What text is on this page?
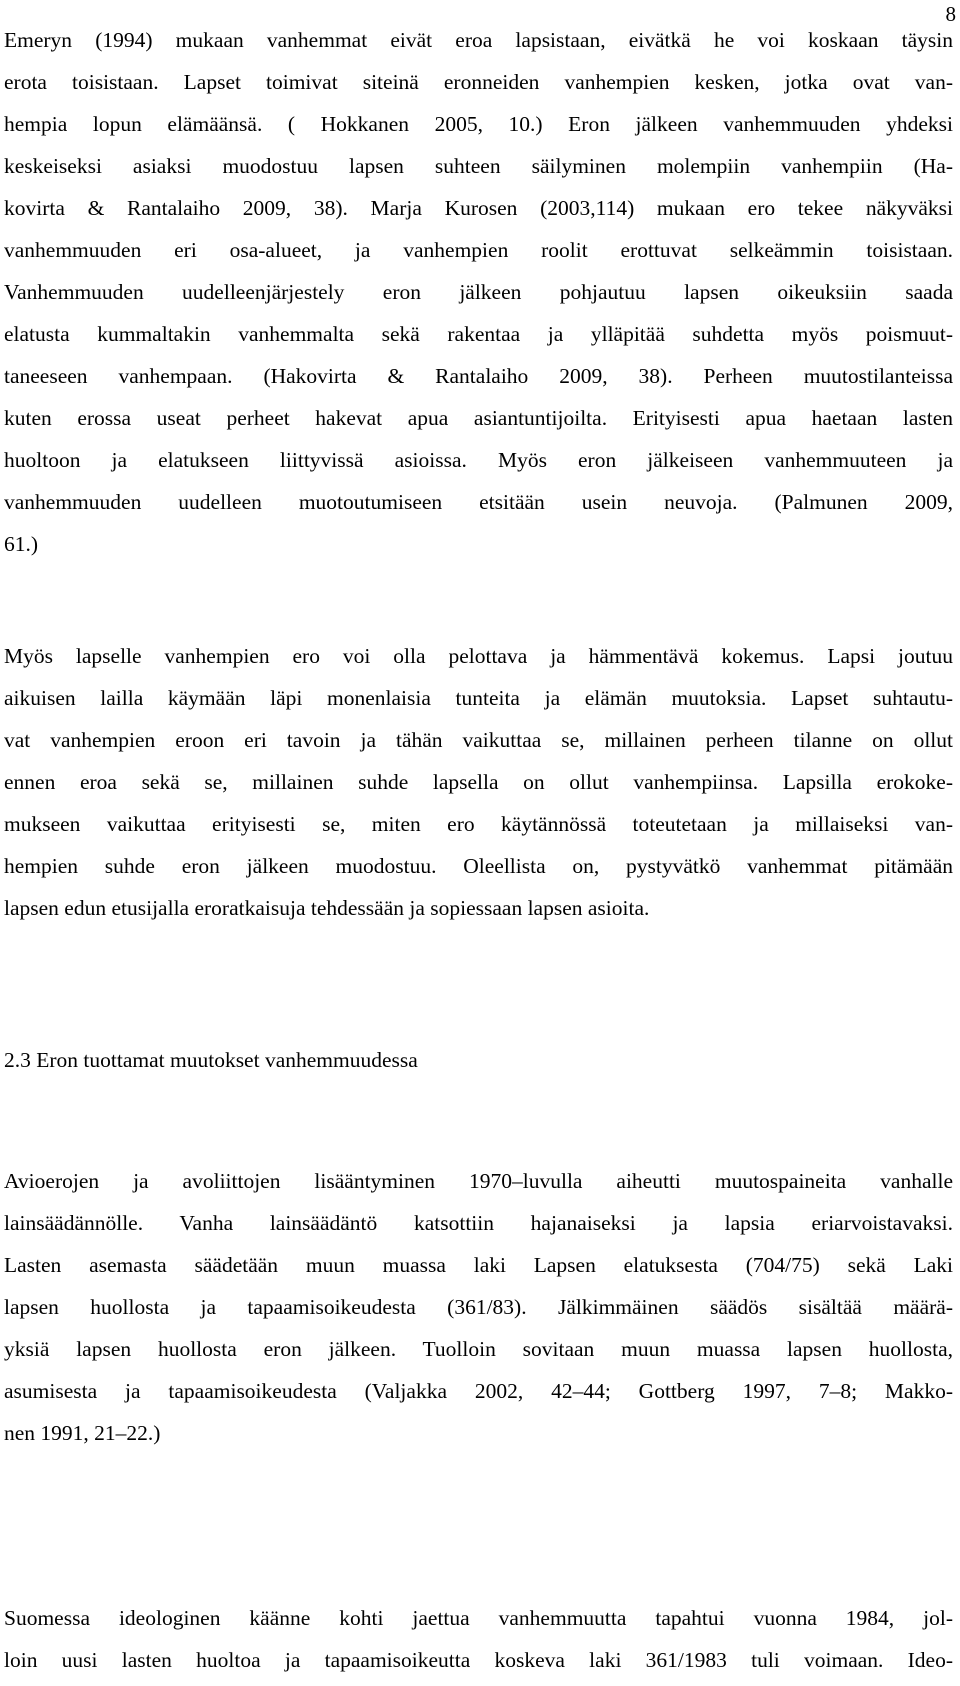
8
Emeryn (1994) mukaan vanhemmat eivät eroa lapsistaan, eivätkä he voi koskaan täysin
erota toisistaan. Lapset toimivat siteinä eronneiden vanhempien kesken, jotka ovat van-
hempia lopun elämäänsä. ( Hokkanen 2005, 10.) Eron jälkeen vanhemmuuden yhdeksi
keskeiseksi asiaksi muodostuu lapsen suhteen säilyminen molempiin vanhempiin (Ha-
kovirta & Rantalaiho 2009, 38). Marja Kurosen (2003,114) mukaan ero tekee näkyväksi
vanhemmuuden eri osa-alueet, ja vanhempien roolit erottuvat selkeämmin toisistaan.
Vanhemmuuden uudelleenjärjestely eron jälkeen pohjautuu lapsen oikeuksiin saada
elatusta kummaltakin vanhemmalta sekä rakentaa ja ylläpitää suhdetta myös poismuut-
taneeseen vanhempaan. (Hakovirta & Rantalaiho 2009, 38). Perheen muutostilanteissa
kuten erossa useat perheet hakevat apua asiantuntijoilta. Erityisesti apua haetaan lasten
huoltoon ja elatukseen liittyvissä asioissa. Myös eron jälkeiseen vanhemmuuteen ja
vanhemmuuden uudelleen muotoutumiseen etsitään usein neuvoja. (Palmunen 2009,
61.)
Myös lapselle vanhempien ero voi olla pelottava ja hämmentävä kokemus. Lapsi joutuu
aikuisen lailla käymään läpi monenlaisia tunteita ja elämän muutoksia. Lapset suhtautu-
vat vanhempien eroon eri tavoin ja tähän vaikuttaa se, millainen perheen tilanne on ollut
ennen eroa sekä se, millainen suhde lapsella on ollut vanhempiinsa. Lapsilla erokoke-
mukseen vaikuttaa erityisesti se, miten ero käytännössä toteutetaan ja millaiseksi van-
hempien suhde eron jälkeen muodostuu. Oleellista on, pystyvätkö vanhemmat pitämään
lapsen edun etusijalla eroratkaisuja tehdessään ja sopiessaan lapsen asioita.
2.3 Eron tuottamat muutokset vanhemmuudessa
Avioerojen ja avoliittojen lisääntyminen 1970–luvulla aiheutti muutospaineita vanhalle
lainsäädännölle. Vanha lainsäädäntö katsottiin hajanaiseksi ja lapsia eriarvoistavaksi.
Lasten asemasta säädetään muun muassa laki Lapsen elatuksesta (704/75) sekä Laki
lapsen huollosta ja tapaamisoikeudesta (361/83). Jälkimmäinen säädös sisältää määrä-
yksiä lapsen huollosta eron jälkeen. Tuolloin sovitaan muun muassa lapsen huollosta,
asumisesta ja tapaamisoikeudesta (Valjakka 2002, 42–44; Gottberg 1997, 7–8; Makko-
nen 1991, 21–22.)
Suomessa ideologinen käänne kohti jaettua vanhemmuutta tapahtui vuonna 1984, jol-
loin uusi lasten huoltoa ja tapaamisoikeutta koskeva laki 361/1983 tuli voimaan. Ideo-
